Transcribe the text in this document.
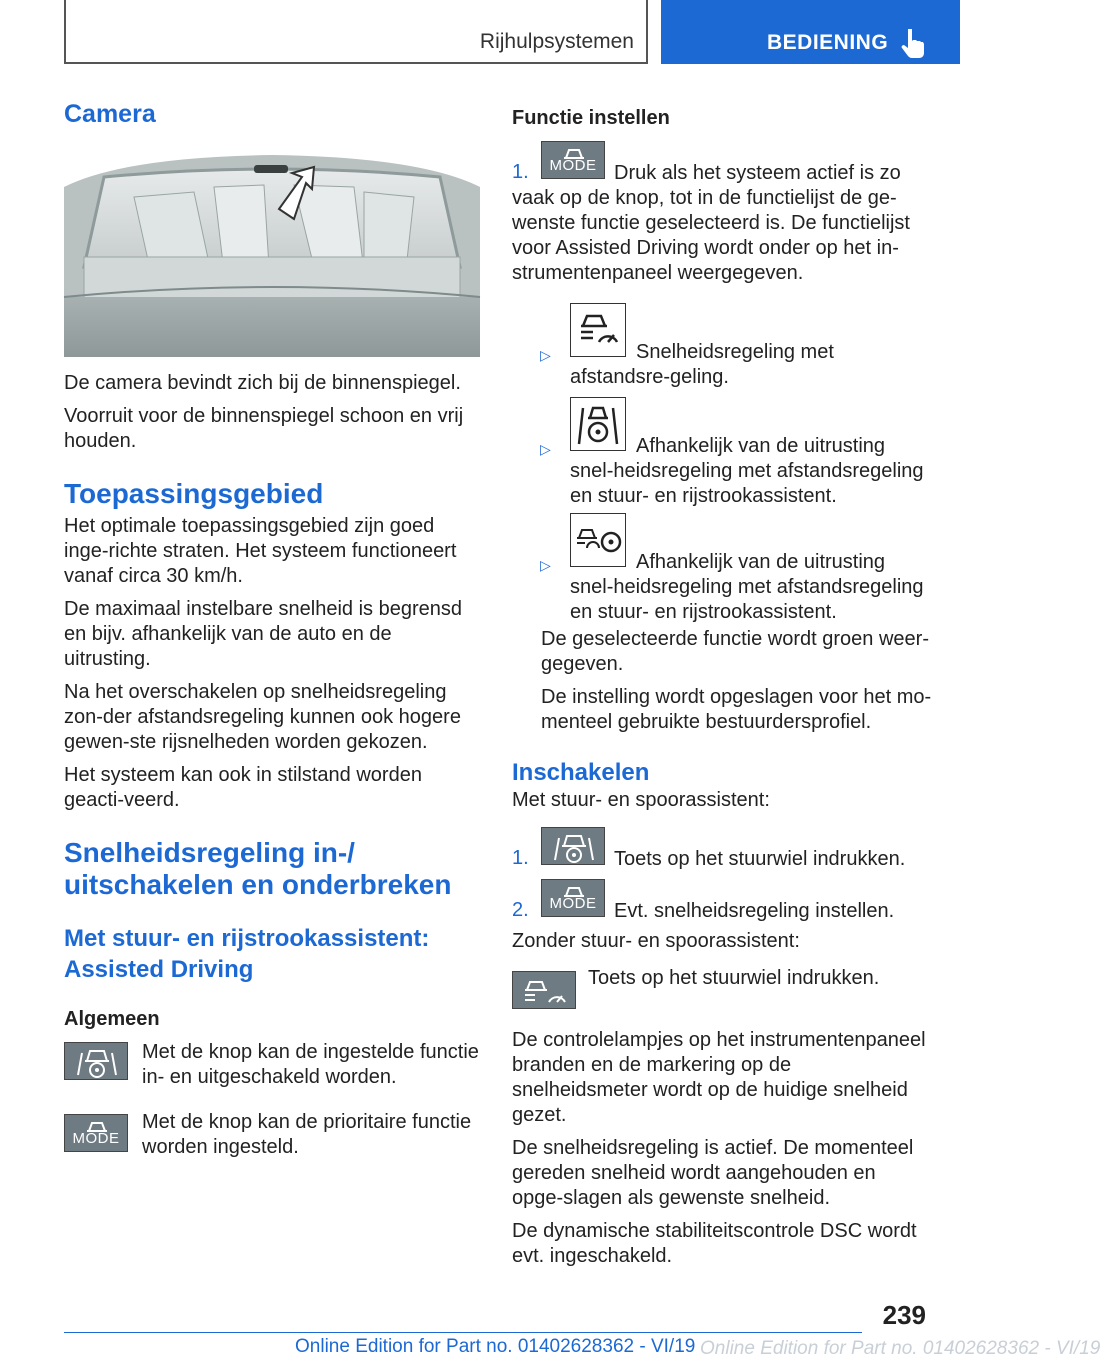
Rijhulpsystemen	BEDIENING

Camera

De camera bevindt zich bij de binnenspiegel.

Voorruit voor de binnenspiegel schoon en vrij houden.

Toepassingsgebied

Het optimale toepassingsgebied zijn goed inge‐richte straten. Het systeem functioneert vanaf circa 30 km/h.

De maximaal instelbare snelheid is begrensd en bijv. afhankelijk van de auto en de uitrusting.

Na het overschakelen op snelheidsregeling zon‐der afstandsregeling kunnen ook hogere gewen‐ste rijsnelheden worden gekozen.

Het systeem kan ook in stilstand worden geacti‐veerd.

Snelheidsregeling in-/

uitschakelen en onderbreken

Met stuur- en rijstrookassistent:

Assisted Driving

Algemeen

Met de knop kan de ingestelde functie in- en uitgeschakeld worden.

MODE

Met de knop kan de prioritaire functie worden ingesteld.

Functie instellen

1.	MODE Druk als het systeem actief is zo vaak op de knop, tot in de functielijst de ge‐wenste functie geselecteerd is. De functielijst voor Assisted Driving wordt onder op het in‐strumentenpaneel weergegeven.

▷	Snelheidsregeling met afstandsre‐geling.

▷	Afhankelijk van de uitrusting snel‐heidsregeling met afstandsregeling en stuur- en rijstrookassistent.

▷	Afhankelijk van de uitrusting snel‐heidsregeling met afstandsregeling en stuur- en rijstrookassistent.

De geselecteerde functie wordt groen weer‐gegeven.

De instelling wordt opgeslagen voor het mo‐menteel gebruikte bestuurdersprofiel.

Inschakelen

Met stuur- en spoorassistent:

1.	Toets op het stuurwiel indrukken.

2.	MODE Evt. snelheidsregeling instellen.

Zonder stuur- en spoorassistent:

Toets op het stuurwiel indrukken.

De controlelampjes op het instrumentenpaneel branden en de markering op de snelheidsmeter wordt op de huidige snelheid gezet.

De snelheidsregeling is actief. De momenteel gereden snelheid wordt aangehouden en opge‐slagen als gewenste snelheid.

De dynamische stabiliteitscontrole DSC wordt evt. ingeschakeld.

239
Online Edition for Part no. 01402628362 - VI/19 Online Edition for Part no. 01402628362 - VI/19
